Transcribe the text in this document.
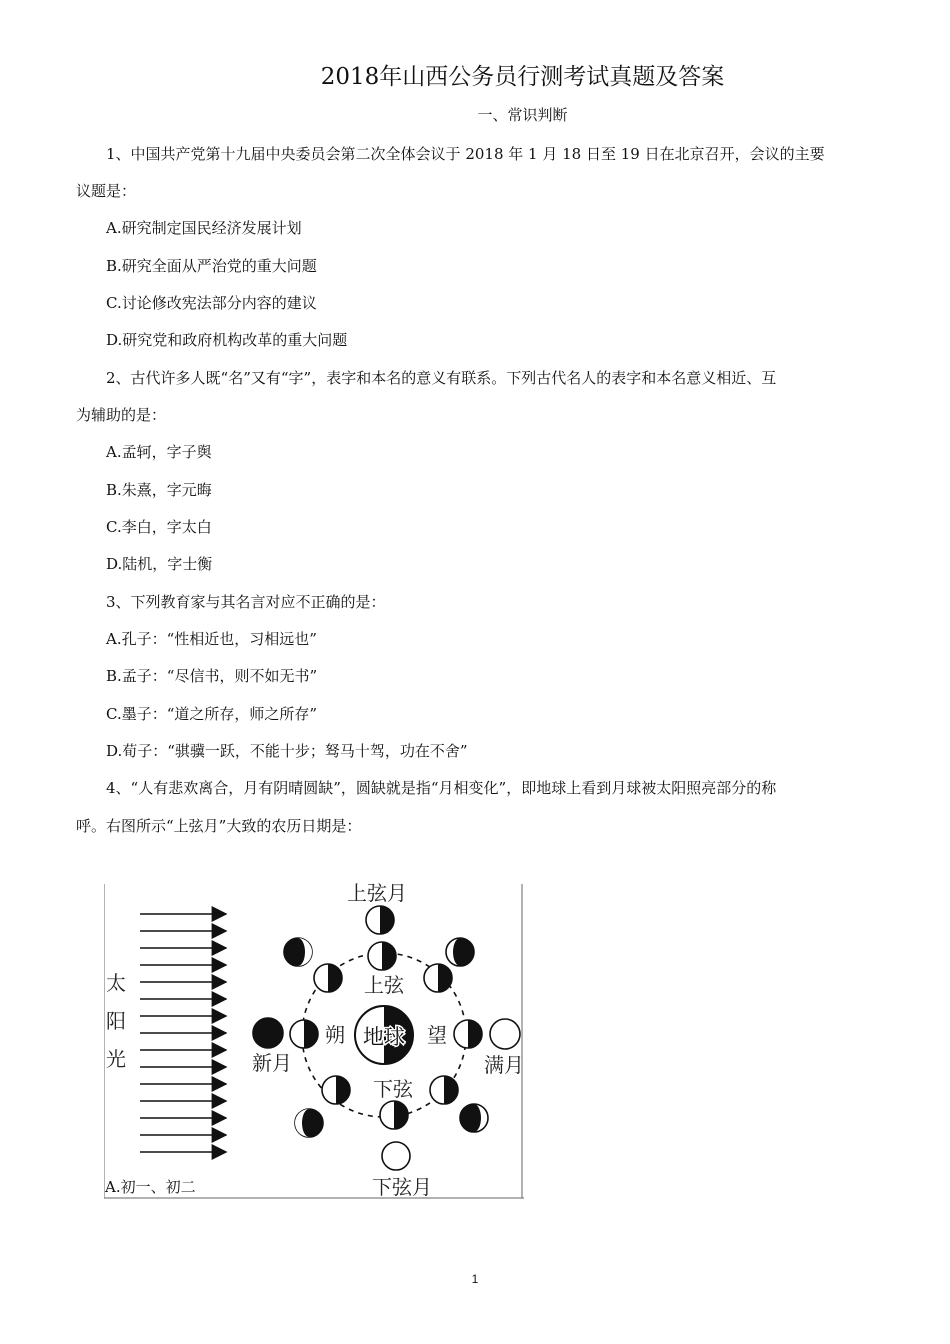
2018年山西公务员行测考试真题及答案
一、常识判断
1、中国共产党第十九届中央委员会第二次全体会议于 2018 年 1 月 18 日至 19 日在北京召开，会议的主要
议题是：
A.研究制定国民经济发展计划
B.研究全面从严治党的重大问题
C.讨论修改宪法部分内容的建议
D.研究党和政府机构改革的重大问题
2、古代许多人既“名”又有“字”，表字和本名的意义有联系。下列古代名人的表字和本名意义相近、互
为辅助的是：
A.孟轲，字子舆
B.朱熹，字元晦
C.李白，字太白
D.陆机，字士衡
3、下列教育家与其名言对应不正确的是：
A.孔子：“性相近也，习相远也”
B.孟子：“尽信书，则不如无书”
C.墨子：“道之所存，师之所存”
D.荀子：“骐骥一跃，不能十步；驽马十驾，功在不舍”
4、“人有悲欢离合，月有阴晴圆缺”，圆缺就是指“月相变化”，即地球上看到月球被太阳照亮部分的称
呼。右图所示“上弦月”大致的农历日期是：
太
阳
光
地球
上弦
朔	望
下弦
上弦月
新月	满月
下弦月
A.初一、初二
1
